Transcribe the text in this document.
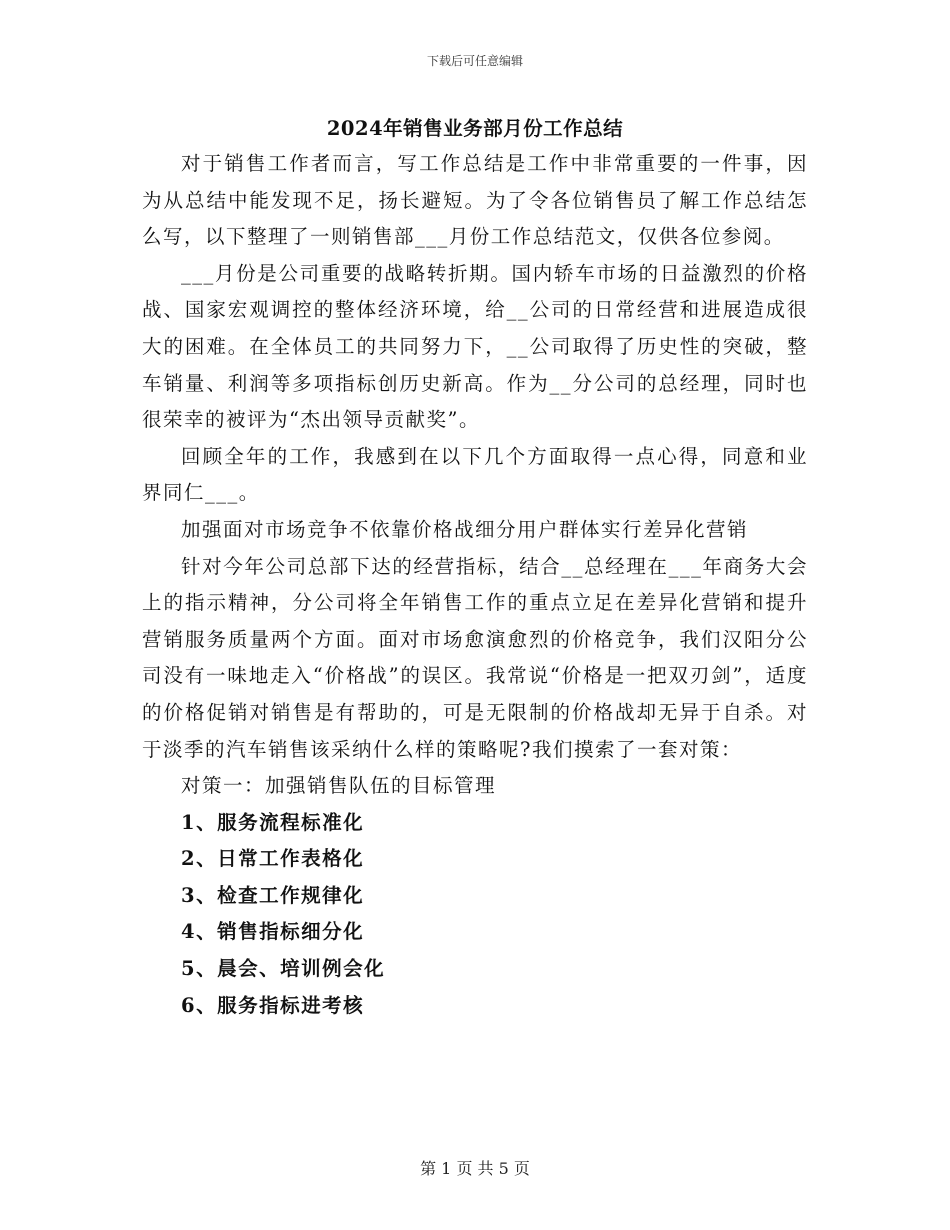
下载后可任意编辑
2024年销售业务部月份工作总结

对于销售工作者而言，写工作总结是工作中非常重要的一件事，因为从总结中能发现不足，扬长避短。为了令各位销售员了解工作总结怎么写，以下整理了一则销售部___月份工作总结范文，仅供各位参阅。

___月份是公司重要的战略转折期。国内轿车市场的日益激烈的价格战、国家宏观调控的整体经济环境，给__公司的日常经营和进展造成很大的困难。在全体员工的共同努力下，__公司取得了历史性的突破，整车销量、利润等多项指标创历史新高。作为__分公司的总经理，同时也很荣幸的被评为“杰出领导贡献奖”。

回顾全年的工作，我感到在以下几个方面取得一点心得，同意和业界同仁___。

加强面对市场竞争不依靠价格战细分用户群体实行差异化营销

针对今年公司总部下达的经营指标，结合__总经理在___年商务大会上的指示精神，分公司将全年销售工作的重点立足在差异化营销和提升营销服务质量两个方面。面对市场愈演愈烈的价格竞争，我们汉阳分公司没有一味地走入“价格战”的误区。我常说“价格是一把双刃剑”，适度的价格促销对销售是有帮助的，可是无限制的价格战却无异于自杀。对于淡季的汽车销售该采纳什么样的策略呢?我们摸索了一套对策：

对策一：加强销售队伍的目标管理

1、服务流程标准化

2、日常工作表格化

3、检查工作规律化

4、销售指标细分化

5、晨会、培训例会化

6、服务指标进考核

第 1 页 共 5 页
